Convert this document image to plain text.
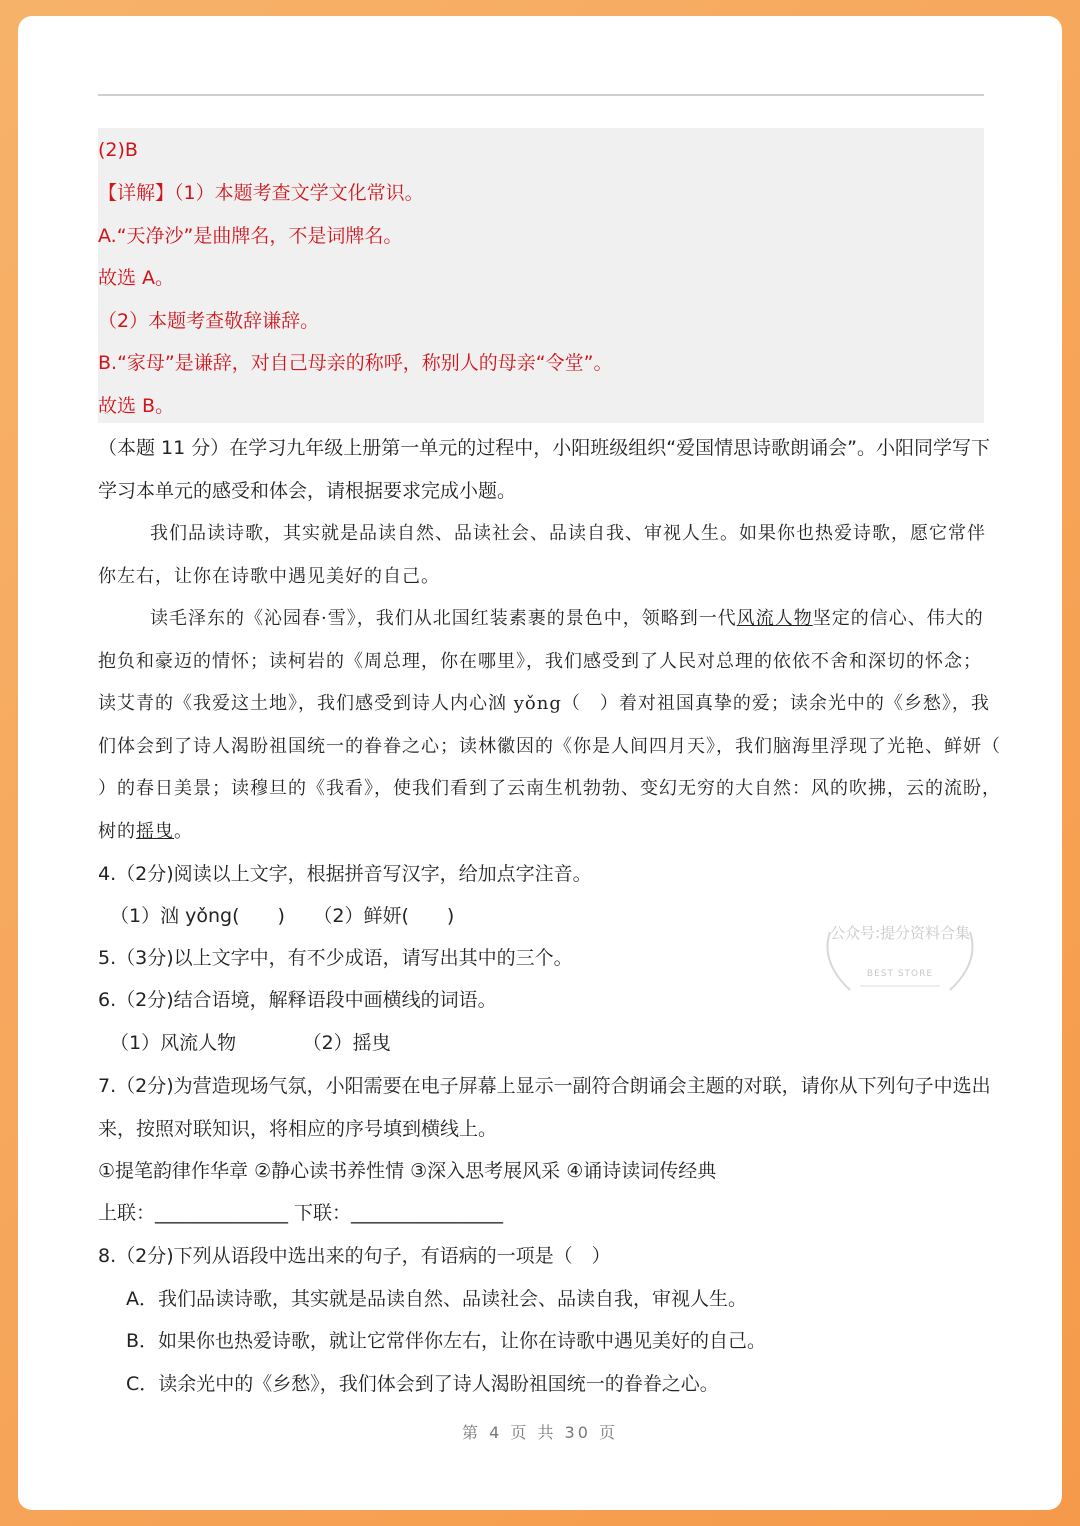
(2)B
【详解】（1）本题考查文学文化常识。
A.“天净沙”是曲牌名，不是词牌名。
故选 A。
（2）本题考查敬辞谦辞。
B.“家母”是谦辞，对自己母亲的称呼，称别人的母亲“令堂”。
故选 B。
（本题 11 分）在学习九年级上册第一单元的过程中，小阳班级组织“爱国情思诗歌朗诵会”。小阳同学写下
学习本单元的感受和体会，请根据要求完成小题。
我们品读诗歌，其实就是品读自然、品读社会、品读自我、审视人生。如果你也热爱诗歌，愿它常伴
你左右，让你在诗歌中遇见美好的自己。
读毛泽东的《沁园春·雪》，我们从北国红装素裹的景色中，领略到一代风流人物坚定的信心、伟大的
抱负和豪迈的情怀；读柯岩的《周总理，你在哪里》，我们感受到了人民对总理的依依不舍和深切的怀念；
读艾青的《我爱这土地》，我们感受到诗人内心汹 yǒng（　）着对祖国真挚的爱；读余光中的《乡愁》，我
们体会到了诗人渴盼祖国统一的眷眷之心；读林徽因的《你是人间四月天》，我们脑海里浮现了光艳、鲜妍（
）的春日美景；读穆旦的《我看》，使我们看到了云南生机勃勃、变幻无穷的大自然：风的吹拂，云的流盼，
树的摇曳。
4.（2分)阅读以上文字，根据拼音写汉字，给加点字注音。
（1）汹 yǒng(　　)　　（2）鲜妍(　　)
5.（3分)以上文字中，有不少成语，请写出其中的三个。
6.（2分)结合语境，解释语段中画横线的词语。
（1）风流人物　　　　（2）摇曳
7.（2分)为营造现场气氛，小阳需要在电子屏幕上显示一副符合朗诵会主题的对联，请你从下列句子中选出
来，按照对联知识，将相应的序号填到横线上。
①提笔韵律作华章 ②静心读书养性情 ③深入思考展风采 ④诵诗读词传经典
上联：______________ 下联：________________
8.（2分)下列从语段中选出来的句子，有语病的一项是（　）
A．我们品读诗歌，其实就是品读自然、品读社会、品读自我，审视人生。
B．如果你也热爱诗歌，就让它常伴你左右，让你在诗歌中遇见美好的自己。
C．读余光中的《乡愁》，我们体会到了诗人渴盼祖国统一的眷眷之心。
公众号:提分资料合集
BEST STORE
第 4 页 共 30 页
